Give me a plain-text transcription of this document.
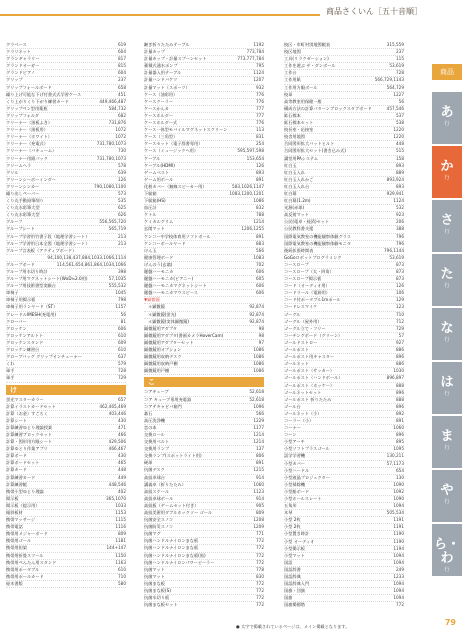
商品さくいん［五十音順］
商品
グラベース	619
クラリネット	604
グランギャラリー	817
グランドオーガー	815
グランドピアノ	604
グリップ	237
グリップフォールボード	658
繰り上げ可能な下げ付書式式学習ケース	451
くり上がりくり下がり練習カード	449,466,487
グリップペン型用薬瓶	584,732
グリップフォルダ	682
クリーナー（黒板ふき）	731,876
クリーナー（黒板用）	1072
クリーナー（ホワイト）	1072
クリーナー（充電式）	731,780,1073
クリーナー（バキューム）	730
クリーナー用紙パック	731,780,1073
クリームヘラ	578
グリル	639
グリーンシーボーインダー	126
グリーンシンカー	790,1080,1100
繰り出しペーパー	573
くり丸手動鉛筆削り	535
くり丸水彩筆大型	625
くり丸水彩筆大型	626
グループ	556,565,720
グループシート	565,719
グループ学習用竹書子段（地理学習シート）	213
グループ学習用日本全図（地理学習シート）	213
グループ言表板（アクティブボード）
94,100,138,437,884,1033,1066,1114
グループボード	114,561,654,861,864,1034,1066
グループ用水切り時計	398
グループ用マグネットシート(WxD≒2.0用)	57,1035
グループ用技術書型実験台	555,532
車椅子	1045
車椅子用掲示板	798
車椅子用ランヤード（ST）	1157
グレードルIMESH(充電用)	56
クローバー	81
グロッケン	606
グロッケンアルトト	610
グロッケンスタンド	609
グロッケン練習台	610
グローブバッグ グリップオンチューナー	637
くわ	579
軍手	728
軍手	729
け
蛍光マスターカラー	657
計算イラストカードセット	462,465,469
計算（お金）すごろく	403,446
計算シート	430
計算練習ゆとり理論授業	471
計算練習ブロックセット	466
計算・図形用方眼シート	429,506
計算ゆとり作業アプリ	466,467
計算ボード	430
計算ボードセット	465
計算カード	448
計算練習カード	449
計算練習帳	448,546
携帯小型ゆとり理論	402
掲示板	365,1070
掲示板（提示用）	1033
傾斜板材	1153
携帯マッサージ	1115
携帯電話	1116
携帯用メジャーボード	809
携帯用ゴール	1181
携帯用担架	144+147
携帯用折畳スツール	1150
携帯用ぺんたん用スタンド	1163
携帯用ポータブル	610
携帯用ポールカード	710
経木書版	580
継ぎ折りたたみテーブル	1192
計量カップ	773,784
計量カップ・計量スプーンセット	773,777,784
蓄積式通水ポンプ	795
計量器入用テーブル	1124
計量ハンドバケツ	1207
計量マット（スポーツ）	932
ケース（油彩用）	776
ケースクーラー	776
ケースかんカ	777
ケースホルダー	777
ケースホルダー式	776
ケース一体型モバイルマグネットスクリーン	113
ケース（三角型）	831
ケースセット（電子辞書専用）	254
ケース（ミュージックへ用）	595,597,598
ケーブル	153,654
ケーブル(HDMI)	126
ゲームベスト	893
ゲーム用ボール	891
化粧カバー（無線スピーカー用）	583,1026,1147
下駄箱	1083,1200,1201
下駄箱(HS)	1086
血圧計	832
ケトル	788
ケミカルグリム	1214
玄関マット	1206,1255
ケンコー中学校体育用ソフトボール	891
ケンコーボールヤード	883
けん玉	566
健康管理ボード	1083
げんのう(玄翁)	702
鍵盤ハーモニカ	606
鍵盤ハーモニカ(ピアニー)	605
鍵盤ハーモニカマグネットシート	606
鍵盤ハーモニカマウスピース	606
▼顕微鏡
＊顕微鏡	92,874
＊顕微鏡(蛍光)	92,874
＊顕微鏡(実体顕微鏡)	92,874
顕微鏡用アダプタ	98
顕微鏡用アダプタ(書画カメラHoverCam)	98
顕微鏡用アダプターセット	97
顕微鏡用オプション	1086
顕微鏡用収納デスク	1086
顕微鏡用収納戸棚	1086
顕微鏡用戸棚	1086
こ
コアキューブ	52,618
コア キューブ専用充電器	52,618
コアテキャビバ箱門	1096
碁石	566
高圧洗浄機	1229
恋の本	1177
交換ロール	1214
交換用ベルト	1214
交換用ランプ	137
交換ランプ(スポットライト用)	806
硬球	891
抗菌デスク	1215
高級卓球台	914
講義卓（折りたたみ）	1060
高級スケール	1123
高級卓球ボール	914
高級板（ゲームセット付き）	905
高級美術用ダブルホックソー ゴール	809
抗菌安全スノコ	1208
抗菌防災スノコ	1209
抗菌マグ	771
抗菌ハンドルナイロンまな板	772
抗菌ハンドルナイロンまな板	772
抗菌ハンドルナイロンまな板(黒)	772
抗菌ハンドルナイロンパワーピーラー	772
抗菌マット	778
抗菌マット	830
抗菌まな板	772
抗菌まな板(S)	772
抗菌水切り板	772
抗菌まな板セット	772
校区・市町村別地図帳表	315,559
校区地図	237
工具(リラクゼーション)	115
工作を遊ぶ ザ・ダンボール	53,619
工作台	728
工作用紙	566,729,1143
工作用方眼ボール	564,729
校章	1227
高等教室用保健一般	56
構成方法の計算パターンブロックスタブボード	457,546
鉱石標本	537
鉱石標本セット	538
校長室・応接室	1220
校舎用地図	1220
合同図形拡大バットヒルト	448
合同図形拡大セット(書き込み式)	515
講堂用PAシステム	158
紅白玉	893
紅白玉入れ	889
紅白玉入れかご	893,924
紅白玉入れ台	893
紅白幕	929,941
紅白幕(1.2m)	1124
光源(赤球)	532
高反射マット	923
公民(電卓・経済)セット	206
公民教科書支援	388
国際電気教室の機能観察体験グラス	796
国際電気教室の機能観察体験モニタ	796
後続拡張時間表	796,1144
GoGoロボットプログラミング	53,619
コースロープ	873
コースロープ（太・四角）	873
コースロープ掲示板	873
コード（オーディオ用）	126
コードリール（電源用）	106
コード付ポータブル1mポール	129
コードレスマイク	123
ゴーグル	710
ゴーグル（屋外用）	712
ゴーグル立て・フリー	729
コーチングボード（グリーン）	57
ゴールドストロー	927
ゴールポスト	886
ゴールポスト用キャスター	896
ゴールネット	886
ゴールポスト（サッカー）	1030
ゴールポスト（ハンドボール）	896,897
ゴールポスト（ホッケー）	888
ゴールネットセット	896
ゴールポスト 折りたたみ	888
ゴール台	896
ゴールネット（小）	892
コーラー（小）	891
コーナー	1060
コーン	896
小型アーチ	895
小型ソフトプラスゴール	1095
語学学習機	130,211
小型カバー	57,1173
小型ハードル	654
小型液晶プロジェクター	130
小型掃除機	1090
小型船ボード	1092
小型ホールスレート	1090
五角形	1094
木琴	505,534
小型 2枚	1191
小型 2枚	1191
小型置き時計	1190
小型 オーディオ	1190
小型掲示板	1194
小型マット	1094
国語	1094
国語辞書	249
国語辞典	1233
国語辞典入門	1094
国旗・団旗	1094
国旗	1094
国旗掲揚塔	772
あ
行
か
行
さ
行
た
行
な
行
は
行
ま
行
や
行
ら・わ
行
● 太字で掲載されているページは、メイン掲載となります。	79
